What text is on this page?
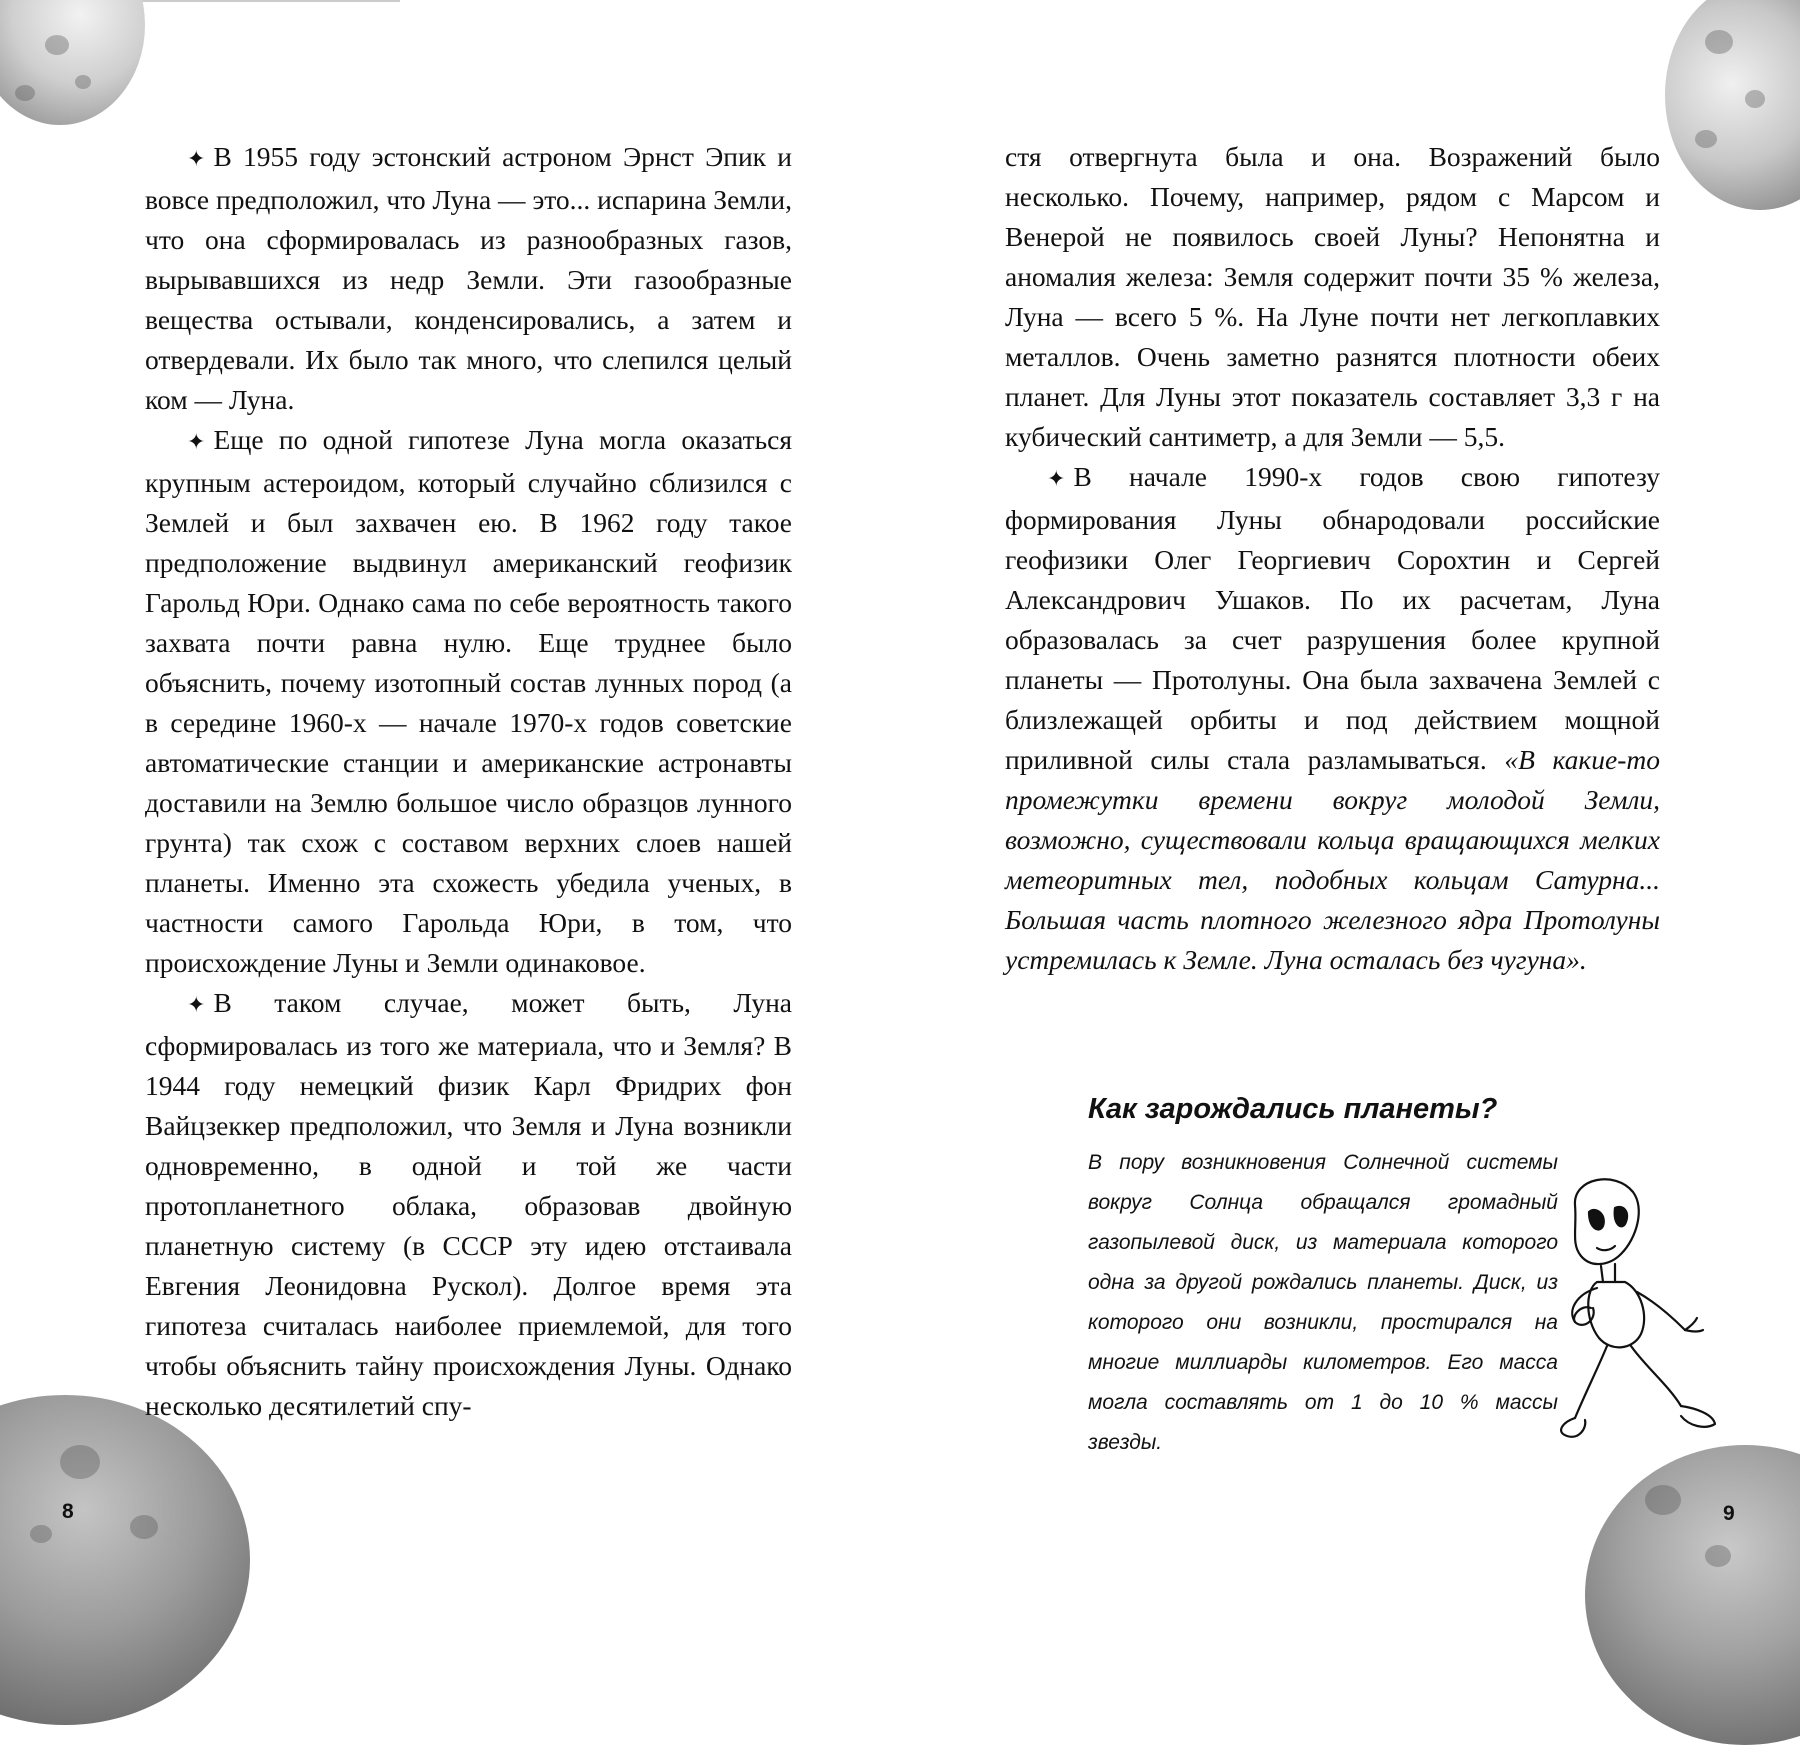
✦ В 1955 году эстонский астроном Эрнст Эпик и вовсе предположил, что Луна — это... испарина Земли, что она сформировалась из разнообразных газов, вырывавшихся из недр Земли. Эти газообразные вещества остывали, конденсировались, а затем и отвердевали. Их было так много, что слепился целый ком — Луна.

✦ Еще по одной гипотезе Луна могла оказаться крупным астероидом, который случайно сблизился с Землей и был захвачен ею. В 1962 году такое предположение выдвинул американский геофизик Гарольд Юри. Однако сама по себе вероятность такого захвата почти равна нулю. Еще труднее было объяснить, почему изотопный состав лунных пород (а в середине 1960-х — начале 1970-х годов советские автоматические станции и американские астронавты доставили на Землю большое число образцов лунного грунта) так схож с составом верхних слоев нашей планеты. Именно эта схожесть убедила ученых, в частности самого Гарольда Юри, в том, что происхождение Луны и Земли одинаковое.

✦ В таком случае, может быть, Луна сформировалась из того же материала, что и Земля? В 1944 году немецкий физик Карл Фридрих фон Вайцзеккер предположил, что Земля и Луна возникли одновременно, в одной и той же части протопланетного облака, образовав двойную планетную систему (в СССР эту идею отстаивала Евгения Леонидовна Рускол). Долгое время эта гипотеза считалась наиболее приемлемой, для того чтобы объяснить тайну происхождения Луны. Однако несколько десятилетий спу-

стя отвергнута была и она. Возражений было несколько. Почему, например, рядом с Марсом и Венерой не появилось своей Луны? Непонятна и аномалия железа: Земля содержит почти 35 % железа, Луна — всего 5 %. На Луне почти нет легкоплавких металлов. Очень заметно разнятся плотности обеих планет. Для Луны этот показатель составляет 3,3 г на кубический сантиметр, а для Земли — 5,5.

✦ В начале 1990-х годов свою гипотезу формирования Луны обнародовали российские геофизики Олег Георгиевич Сорохтин и Сергей Александрович Ушаков. По их расчетам, Луна образовалась за счет разрушения более крупной планеты — Протолуны. Она была захвачена Землей с близлежащей орбиты и под действием мощной приливной силы стала разламываться. «В какие-то промежутки времени вокруг молодой Земли, возможно, существовали кольца вращающихся мелких метеоритных тел, подобных кольцам Сатурна... Большая часть плотного железного ядра Протолуны устремилась к Земле. Луна осталась без чугуна».

Как зарождались планеты?

В пору возникновения Солнечной системы вокруг Солнца обращался громадный газопылевой диск, из материала которого одна за другой рождались планеты. Диск, из которого они возникли, простирался на многие миллиарды километров. Его масса могла составлять от 1 до 10 % массы звезды.

8	9
